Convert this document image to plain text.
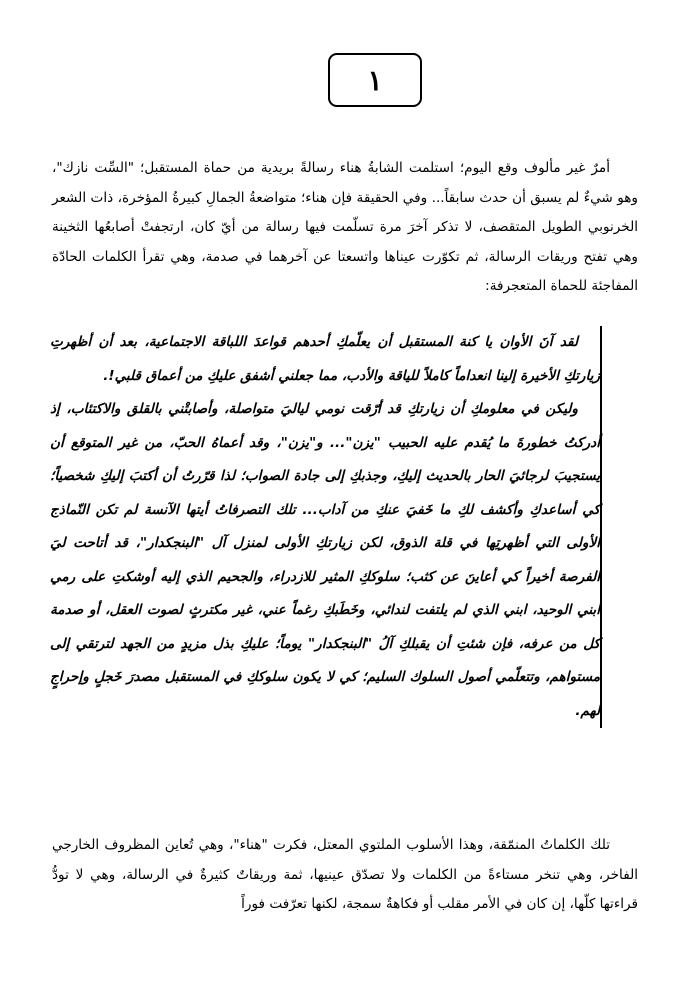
١

أمرٌ غير مألوف وقع اليوم؛ استلمت الشابةُ هناء رسالةً بريدية من حماة المستقبل؛ "السِّت نازك"، وهو شيءٌ لم يسبق أن حدث سابقاً... وفي الحقيقة فإن هناء؛ متواضعةُ الجمالِ كبيرةُ المؤخرة، ذات الشعر الخرنوبي الطويل المتقصف، لا تذكر آخرَ مرة تسلّمت فيها رسالة من أيّ كان، ارتجفتْ أصابعُها الثخينة وهي تفتح وريقات الرسالة، ثم تكوّرت عيناها واتسعتا عن آخرهما في صدمة، وهي تقرأ الكلمات الحادّة المفاجئة للحماة المتعجرفة:

لقد آنَ الأوان يا كنة المستقبل أن يعلّمكِ أحدهم قواعدَ اللباقة الاجتماعية، بعد أن أظهرتِ زيارتكِ الأخيرة إلينا انعداماً كاملاً للياقة والأدب، مما جعلني أشفق عليكِ من أعماق قلبي!.

وليكن في معلومكِ أن زيارتكِ قد أرّقت نومي لياليَ متواصلة، وأصابتْني بالقلق والاكتئاب، إذ أدركتُ خطورةَ ما يُقدم عليه الحبيب "يزن"... و"يزن"، وقد أعماهُ الحبّ، من غير المتوقع أن يستجيبَ لرجائيَ الحار بالحديث إليكِ، وجذبكِ إلى جادة الصواب؛ لذا قرّرتُ أن أكتبَ إليكِ شخصياً؛ كي أساعدكِ وأكشف لكِ ما خَفيَ عنكِ من آداب... تلك التصرفاتُ أيتها الآنسة لم تكن النّماذج الأولى التي أظهرتِها في قلة الذوق، لكن زيارتكِ الأولى لمنزل آل "البنجكدار"، قد أتاحت ليَ الفرصة أخيراً كي أعاينَ عن كثب؛ سلوككِ المثير للازدراء، والجحيم الذي إليه أوشكتِ على رمي ابني الوحيد، ابني الذي لم يلتفت لندائي، وخَطَبكِ رغماً عني، غير مكترثٍ لصوت العقل، أو صدمة كل من عرفه، فإن شئتِ أن يقبلكِ آلُ "البنجكدار" يوماً؛ عليكِ بذل مزيدٍ من الجهد لترتقي إلى مستواهم، وتتعلّمي أصول السلوك السليم؛ كي لا يكون سلوككِ في المستقبل مصدرَ خَجلٍ وإحراجٍ لهم.

تلك الكلماتُ المنمّقة، وهذا الأسلوب الملتوي المعتل، فكرت "هناء"، وهي تُعاين المظروف الخارجي الفاخر، وهي تنخر مستاءةً من الكلمات ولا تصدّق عينيها، ثمة وريقاتٌ كثيرةٌ في الرسالة، وهي لا تودُّ قراءتها كلّها، إن كان في الأمر مقلب أو فكاهةٌ سمجة، لكنها تعرّفت فوراً
